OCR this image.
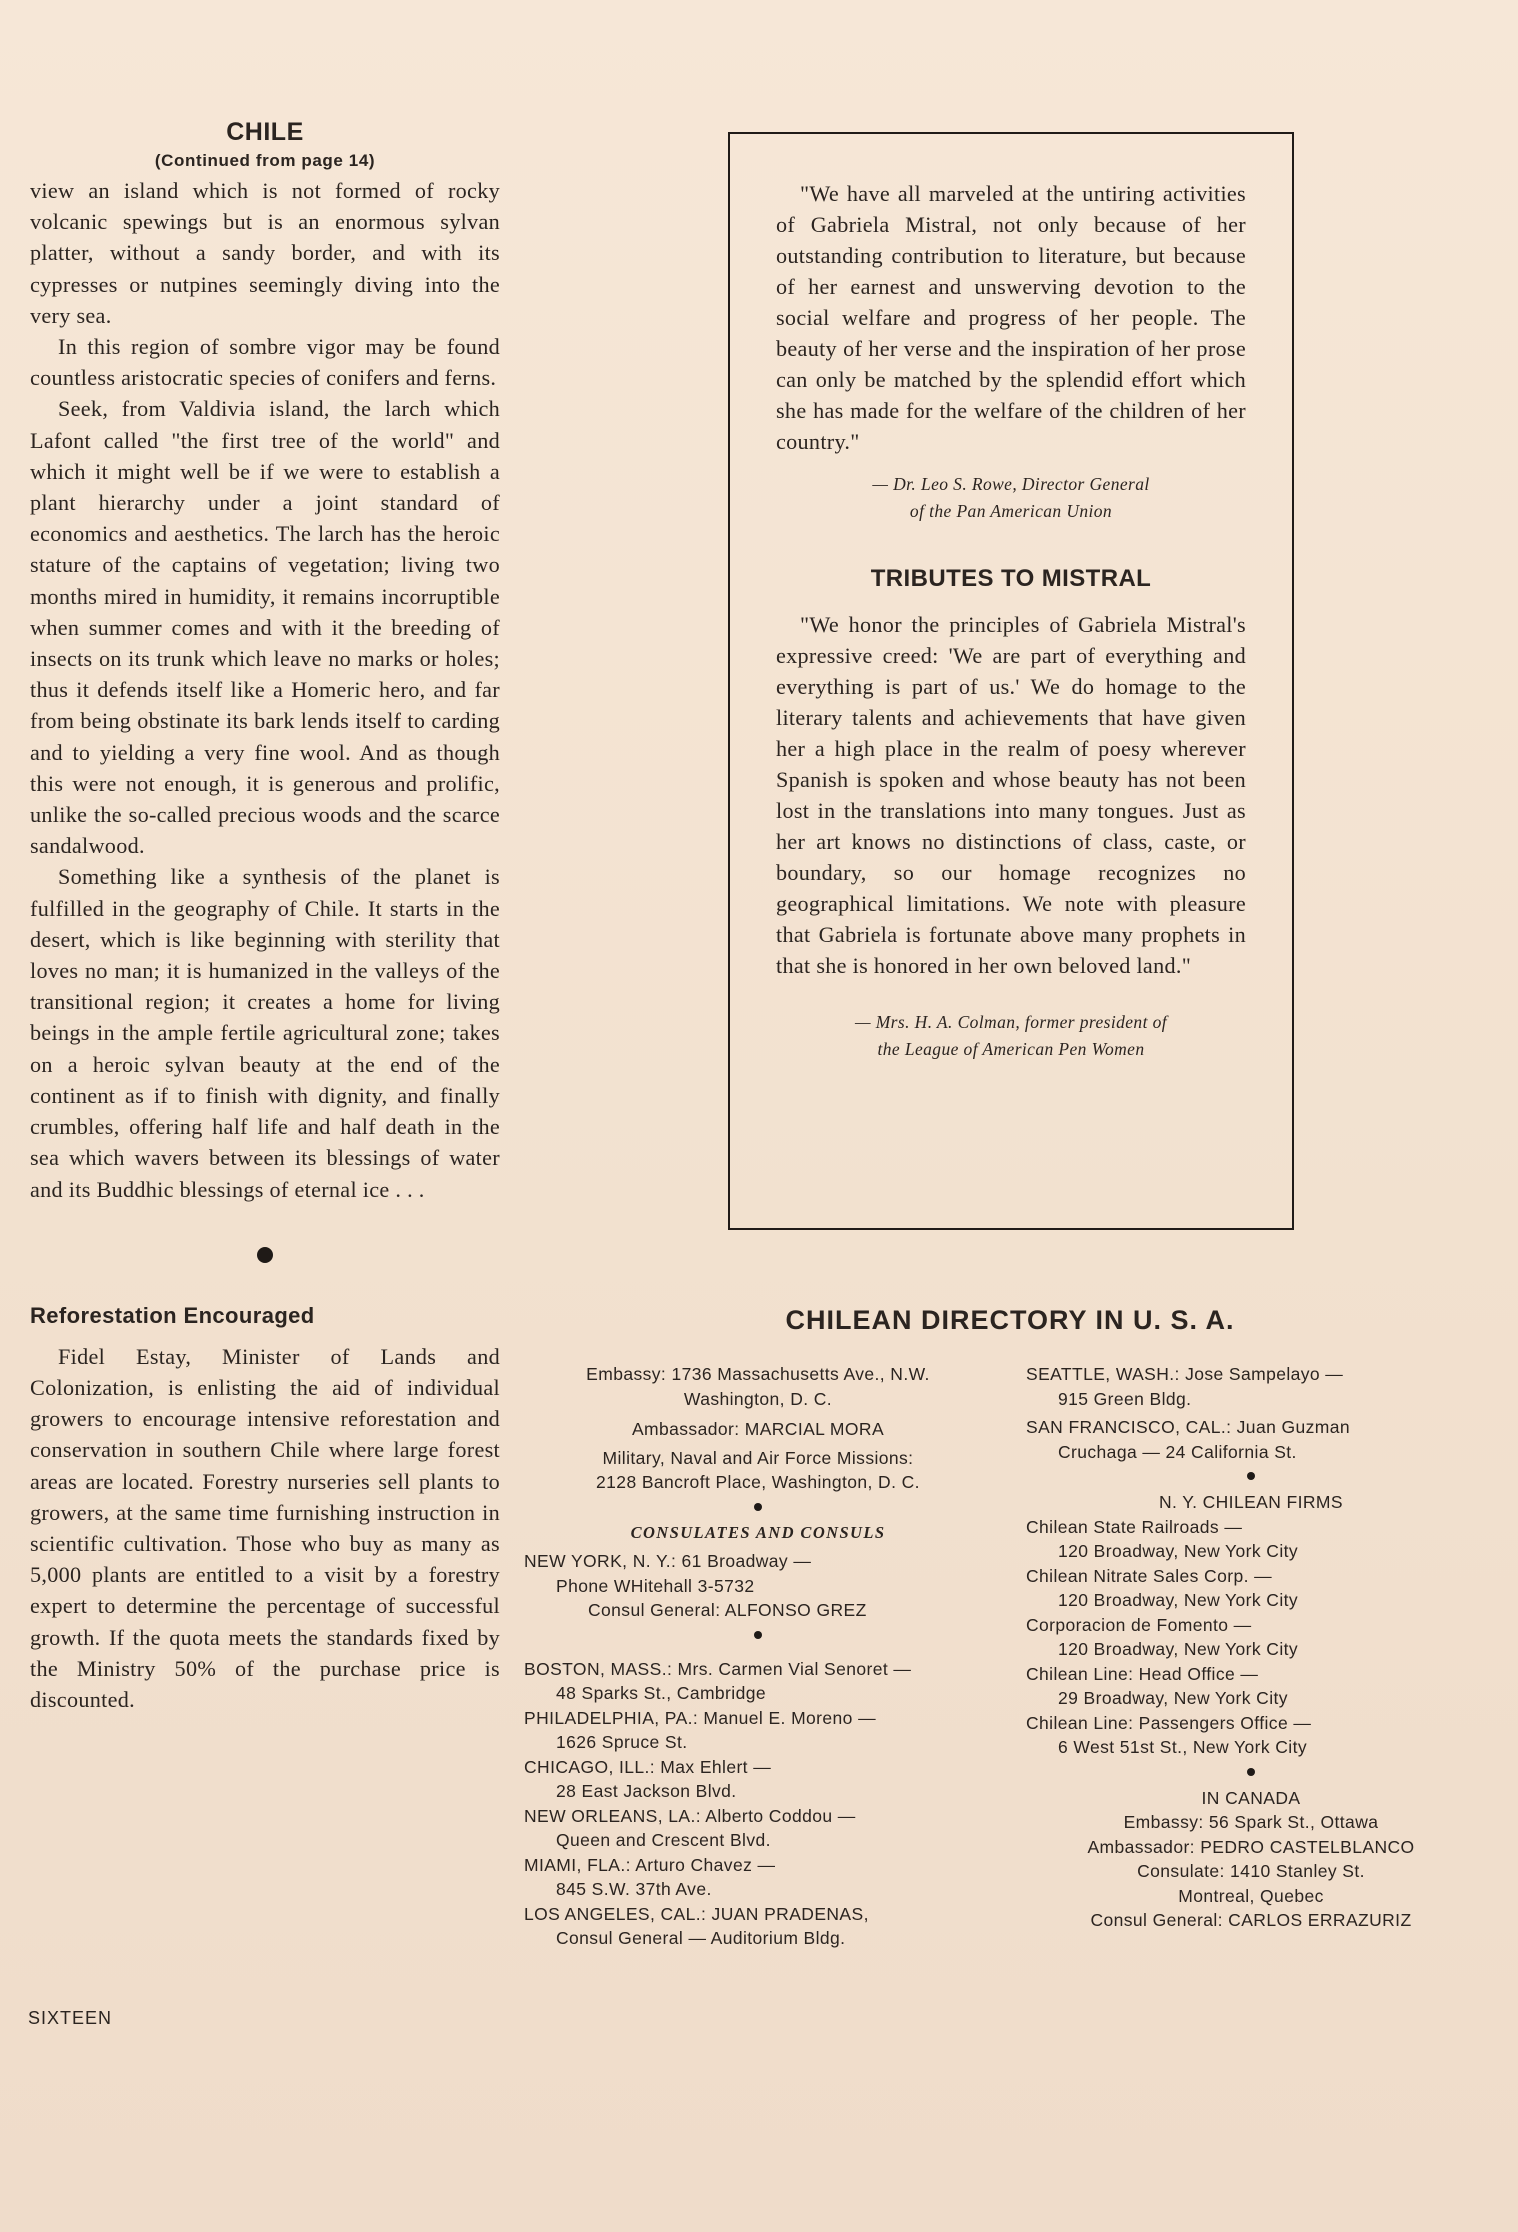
CHILE
(Continued from page 14)

view an island which is not formed of rocky volcanic spewings but is an enormous sylvan platter, without a sandy border, and with its cypresses or nutpines seemingly diving into the very sea.

In this region of sombre vigor may be found countless aristocratic species of conifers and ferns.

Seek, from Valdivia island, the larch which Lafont called "the first tree of the world" and which it might well be if we were to establish a plant hierarchy under a joint standard of economics and aesthetics. The larch has the heroic stature of the captains of vegetation; living two months mired in humidity, it remains incorruptible when summer comes and with it the breeding of insects on its trunk which leave no marks or holes; thus it defends itself like a Homeric hero, and far from being obstinate its bark lends itself to carding and to yielding a very fine wool. And as though this were not enough, it is generous and prolific, unlike the so-called precious woods and the scarce sandalwood.

Something like a synthesis of the planet is fulfilled in the geography of Chile. It starts in the desert, which is like beginning with sterility that loves no man; it is humanized in the valleys of the transitional region; it creates a home for living beings in the ample fertile agricultural zone; takes on a heroic sylvan beauty at the end of the continent as if to finish with dignity, and finally crumbles, offering half life and half death in the sea which wavers between its blessings of water and its Buddhic blessings of eternal ice . . .

Reforestation Encouraged

Fidel Estay, Minister of Lands and Colonization, is enlisting the aid of individual growers to encourage intensive reforestation and conservation in southern Chile where large forest areas are located. Forestry nurseries sell plants to growers, at the same time furnishing instruction in scientific cultivation. Those who buy as many as 5,000 plants are entitled to a visit by a forestry expert to determine the percentage of successful growth. If the quota meets the standards fixed by the Ministry 50% of the purchase price is discounted.

SIXTEEN

"We have all marveled at the untiring activities of Gabriela Mistral, not only because of her outstanding contribution to literature, but because of her earnest and unswerving devotion to the social welfare and progress of her people. The beauty of her verse and the inspiration of her prose can only be matched by the splendid effort which she has made for the welfare of the children of her country."

— Dr. Leo S. Rowe, Director General
of the Pan American Union
TRIBUTES TO MISTRAL

"We honor the principles of Gabriela Mistral's expressive creed: 'We are part of everything and everything is part of us.' We do homage to the literary talents and achievements that have given her a high place in the realm of poesy wherever Spanish is spoken and whose beauty has not been lost in the translations into many tongues. Just as her art knows no distinctions of class, caste, or boundary, so our homage recognizes no geographical limitations. We note with pleasure that Gabriela is fortunate above many prophets in that she is honored in her own beloved land."

— Mrs. H. A. Colman, former president of
the League of American Pen Women
CHILEAN DIRECTORY IN U. S. A.
Embassy: 1736 Massachusetts Ave., N.W.
Washington, D. C.
Ambassador: MARCIAL MORA
Military, Naval and Air Force Missions:
2128 Bancroft Place, Washington, D. C.
CONSULATES AND CONSULS
NEW YORK, N. Y.: 61 Broadway —
Phone WHitehall 3-5732
Consul General: ALFONSO GREZ
BOSTON, MASS.: Mrs. Carmen Vial Senoret —
48 Sparks St., Cambridge
PHILADELPHIA, PA.: Manuel E. Moreno —
1626 Spruce St.
CHICAGO, ILL.: Max Ehlert —
28 East Jackson Blvd.
NEW ORLEANS, LA.: Alberto Coddou —
Queen and Crescent Blvd.
MIAMI, FLA.: Arturo Chavez —
845 S.W. 37th Ave.
LOS ANGELES, CAL.: JUAN PRADENAS,
Consul General — Auditorium Bldg.
SEATTLE, WASH.: Jose Sampelayo —
915 Green Bldg.
SAN FRANCISCO, CAL.: Juan Guzman
Cruchaga — 24 California St.
N. Y. CHILEAN FIRMS
Chilean State Railroads —
120 Broadway, New York City
Chilean Nitrate Sales Corp. —
120 Broadway, New York City
Corporacion de Fomento —
120 Broadway, New York City
Chilean Line: Head Office —
29 Broadway, New York City
Chilean Line: Passengers Office —
6 West 51st St., New York City
IN CANADA
Embassy: 56 Spark St., Ottawa
Ambassador: PEDRO CASTELBLANCO
Consulate: 1410 Stanley St.
Montreal, Quebec
Consul General: CARLOS ERRAZURIZ
